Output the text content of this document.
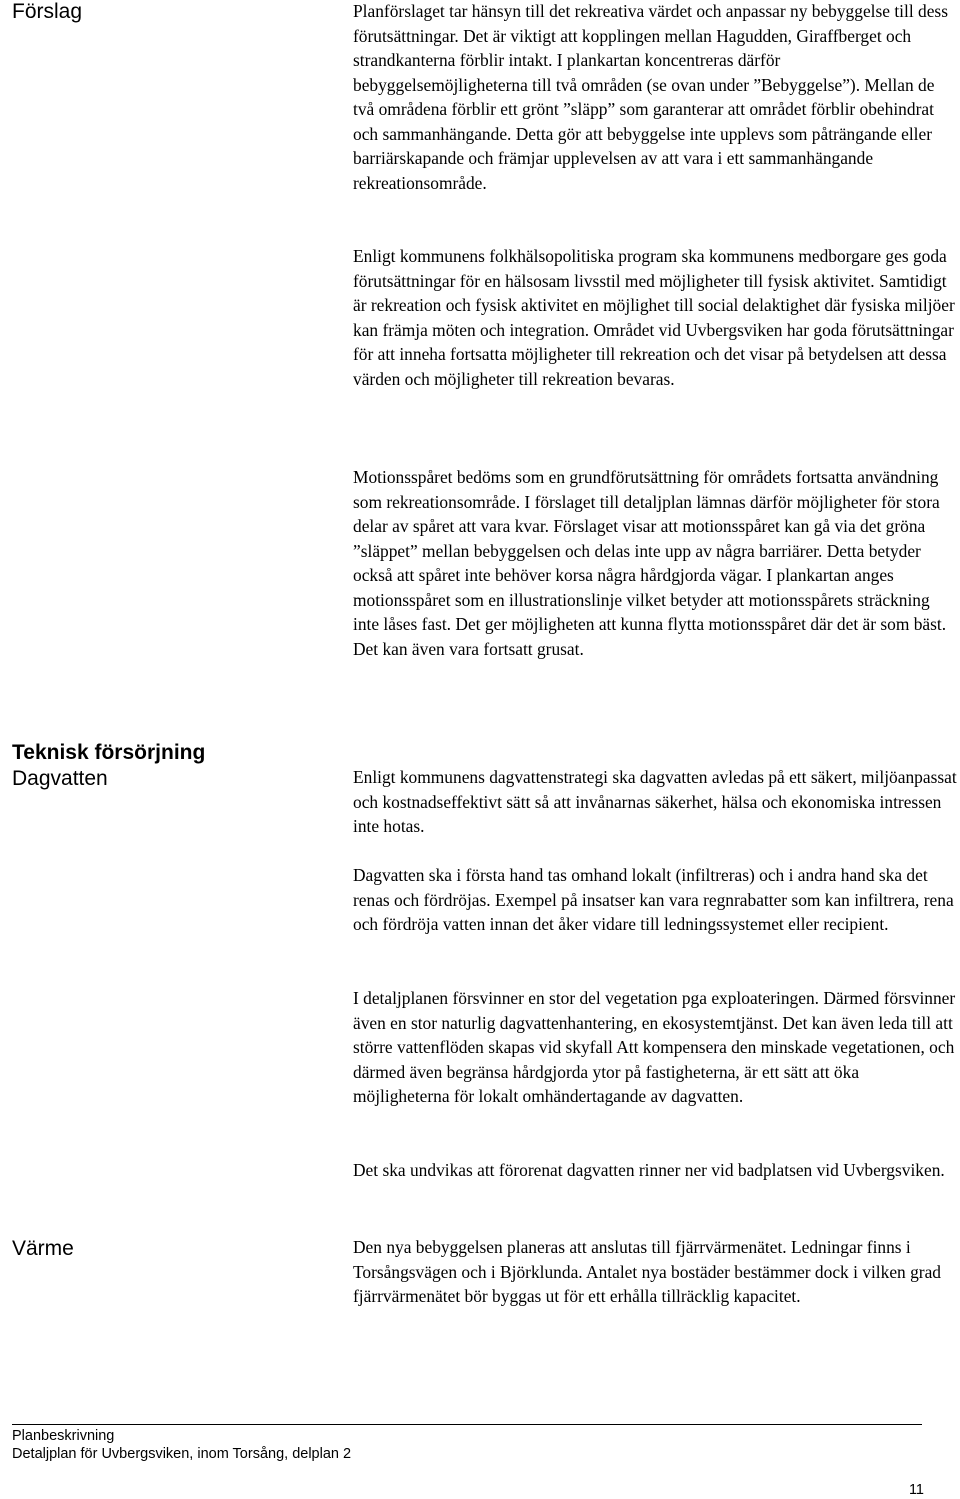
Förslag	Planförslaget tar hänsyn till det rekreativa värdet och anpassar ny bebyggelse till dess förutsättningar. Det är viktigt att kopplingen mellan Hagudden, Giraffberget och strandkanterna förblir intakt. I plankartan koncentreras därför bebyggelsemöjligheterna till två områden (se ovan under ”Bebyggelse”). Mellan de två områdena förblir ett grönt ”släpp” som garanterar att området förblir obehindrat och sammanhängande. Detta gör att bebyggelse inte upplevs som påträngande eller barriärskapande och främjar upplevelsen av att vara i ett sammanhängande rekreationsområde.

Enligt kommunens folkhälsopolitiska program ska kommunens medborgare ges goda förutsättningar för en hälsosam livsstil med möjligheter till fysisk aktivitet. Samtidigt är rekreation och fysisk aktivitet en möjlighet till social delaktighet där fysiska miljöer kan främja möten och integration. Området vid Uvbergsviken har goda förutsättningar för att inneha fortsatta möjligheter till rekreation och det visar på betydelsen att dessa värden och möjligheter till rekreation bevaras.

Motionsspåret bedöms som en grundförutsättning för områdets fortsatta användning som rekreationsområde. I förslaget till detaljplan lämnas därför möjligheter för stora delar av spåret att vara kvar. Förslaget visar att motionsspåret kan gå via det gröna ”släppet” mellan bebyggelsen och delas inte upp av några barriärer. Detta betyder också att spåret inte behöver korsa några hårdgjorda vägar. I plankartan anges motionsspåret som en illustrationslinje vilket betyder att motionsspårets sträckning inte låses fast. Det ger möjligheten att kunna flytta motionsspåret där det är som bäst. Det kan även vara fortsatt grusat.

Teknisk försörjning
Dagvatten	Enligt kommunens dagvattenstrategi ska dagvatten avledas på ett säkert, miljöanpassat och kostnadseffektivt sätt så att invånarnas säkerhet, hälsa och ekonomiska intressen inte hotas.

Dagvatten ska i första hand tas omhand lokalt (infiltreras) och i andra hand ska det renas och fördröjas. Exempel på insatser kan vara regnrabatter som kan infiltrera, rena och fördröja vatten innan det åker vidare till ledningssystemet eller recipient.

I detaljplanen försvinner en stor del vegetation pga exploateringen. Därmed försvinner även en stor naturlig dagvattenhantering, en ekosystemtjänst. Det kan även leda till att större vattenflöden skapas vid skyfall Att kompensera den minskade vegetationen, och därmed även begränsa hårdgjorda ytor på fastigheterna, är ett sätt att öka möjligheterna för lokalt omhändertagande av dagvatten.

Det ska undvikas att förorenat dagvatten rinner ner vid badplatsen vid Uvbergsviken.

Värme	Den nya bebyggelsen planeras att anslutas till fjärrvärmenätet. Ledningar finns i Torsångsvägen och i Björklunda. Antalet nya bostäder bestämmer dock i vilken grad fjärrvärmenätet bör byggas ut för ett erhålla tillräcklig kapacitet.

Planbeskrivning

Detaljplan för Uvbergsviken, inom Torsång, delplan 2

11
